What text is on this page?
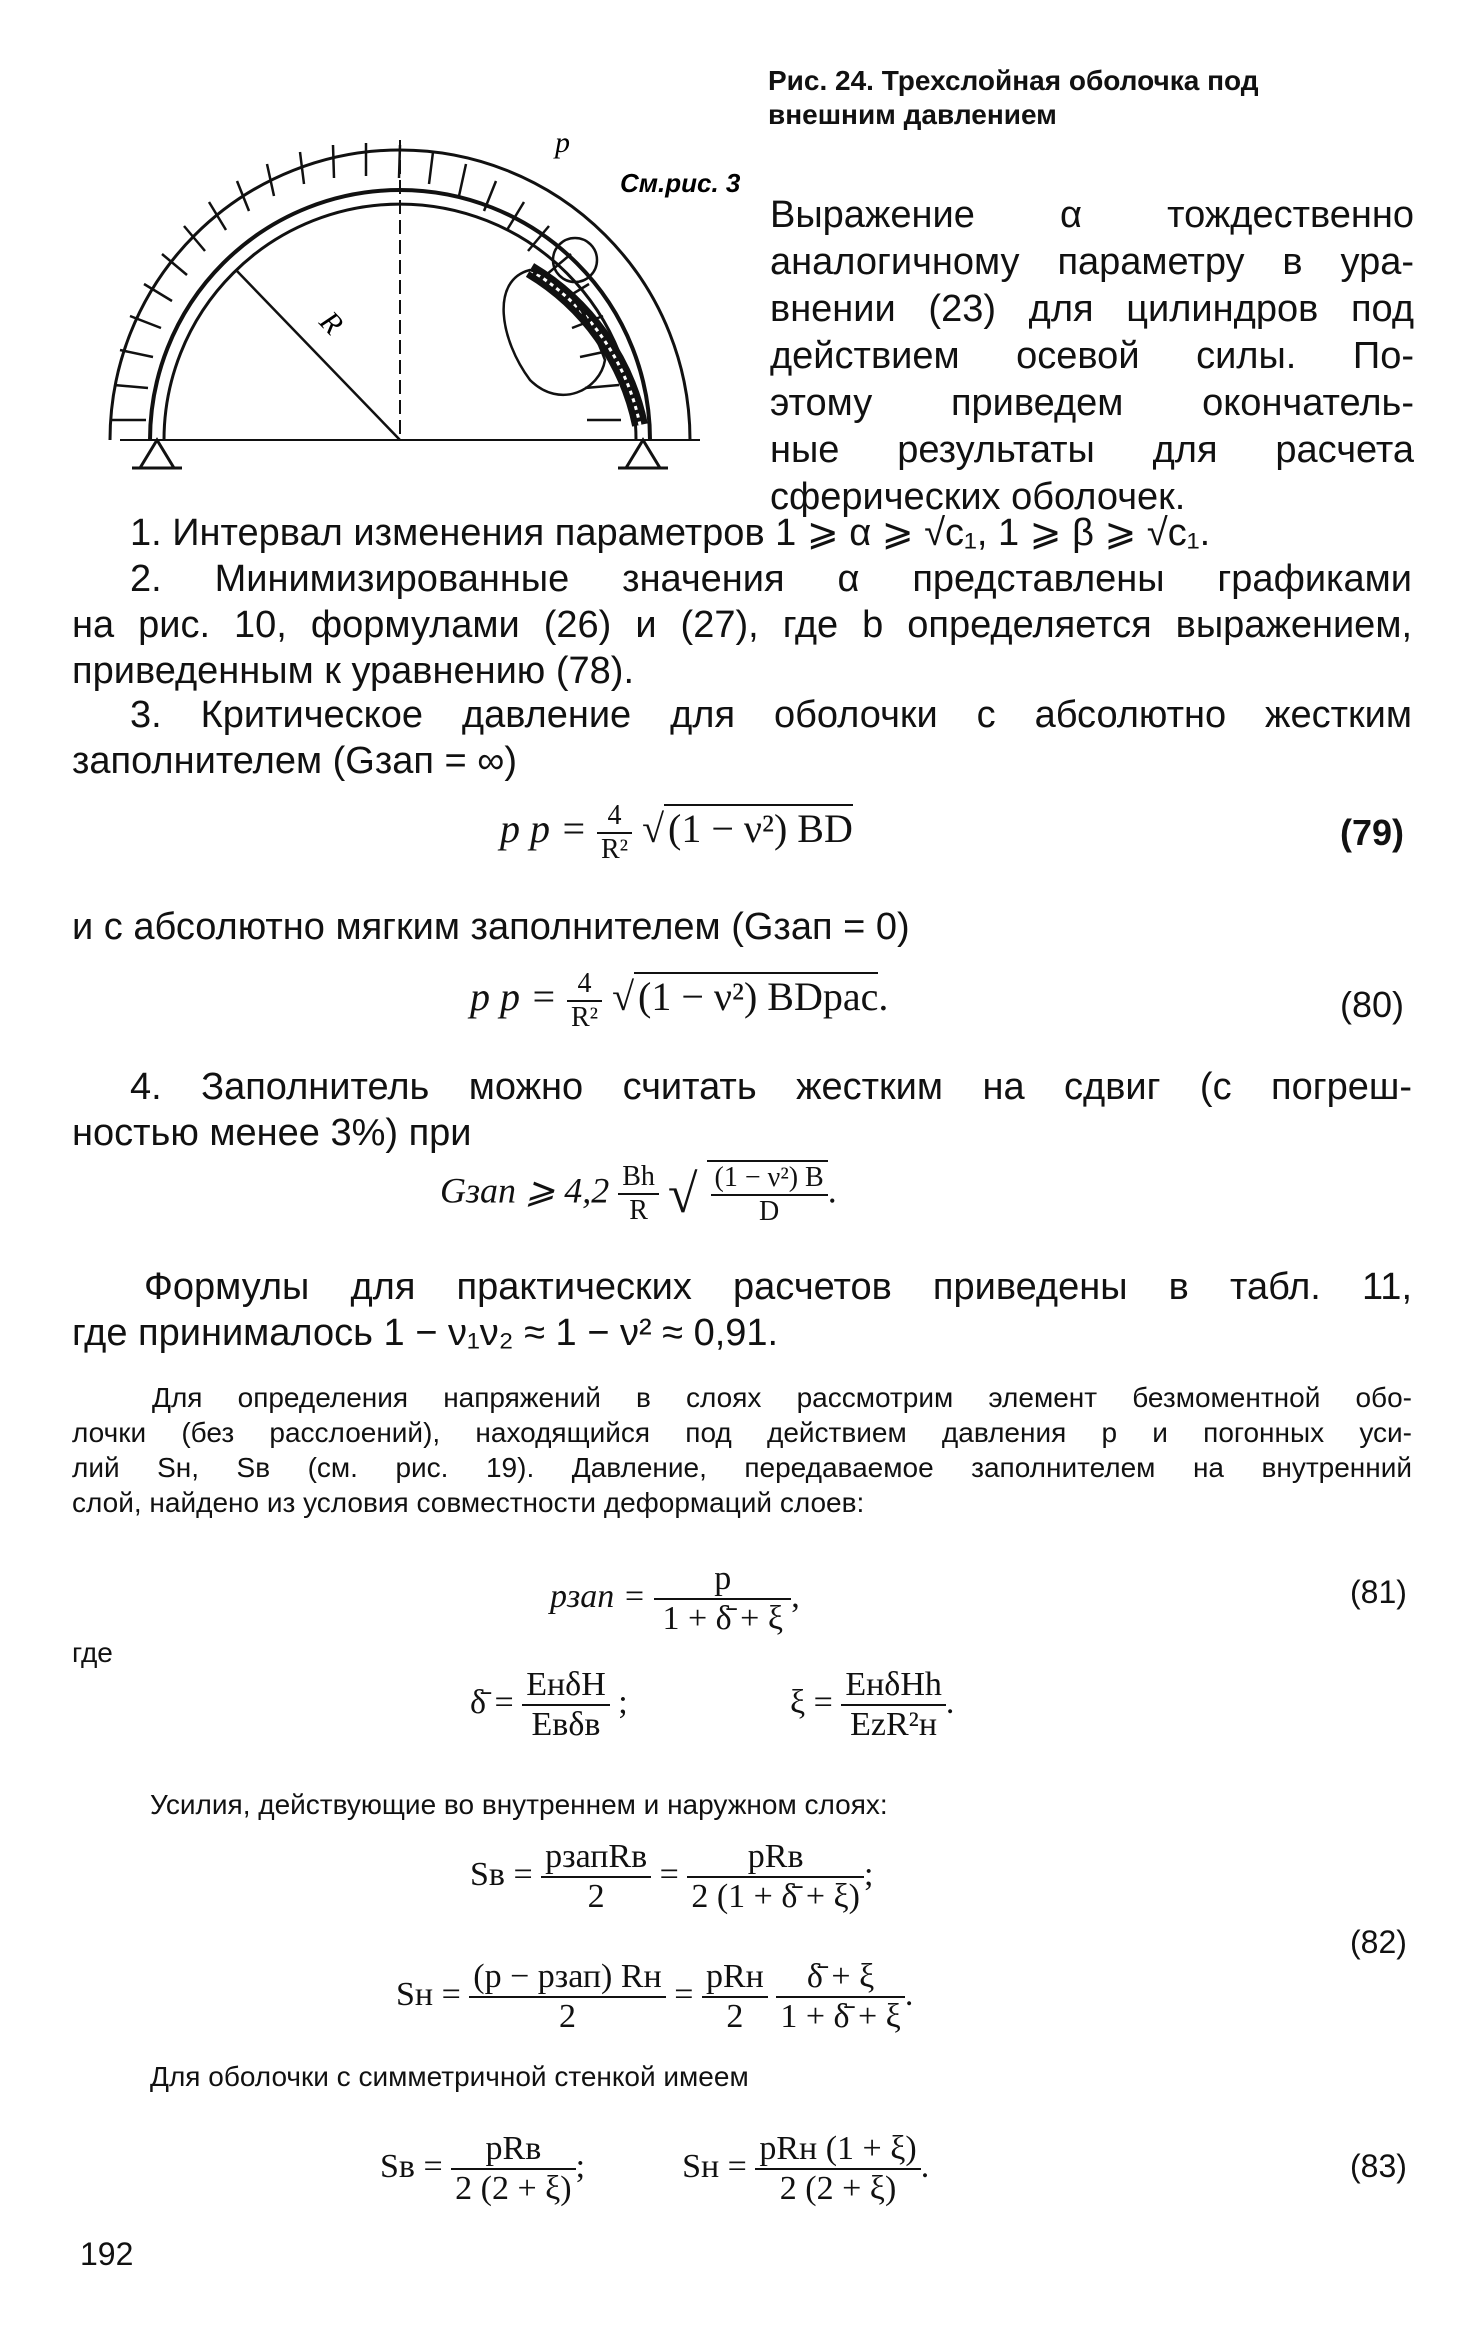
p
R
См.рис. 3
Рис. 24. Трехслойная оболочка под
внешним давлением
Выражение α тождественно
аналогичному параметру в ура-
внении (23) для цилиндров под
действием осевой силы. По-
этому приведем окончатель-
ные результаты для расчета
сферических оболочек.
1. Интервал изменения параметров 1 ⩾ α ⩾ √c₁, 1 ⩾ β ⩾ √c₁.
2. Минимизированные значения α представлены графиками
на рис. 10, формулами (26) и (27), где b определяется выражением,
приведенным к уравнению (78).
3. Критическое давление для оболочки с абсолютно жестким
заполнителем (Gзап = ∞)
p $р = \frac{4}{\text{R²}}$ √ (1 − ν²) BD	(79)
и с абсолютно мягким заполнителем (Gзап = 0)
p $р = \frac{4}{\text{R²}}$ √ (1 − ν²) BDрас.	(80)
4. Заполнитель можно считать жестким на сдвиг (с погреш-
ностью менее 3%) при
Gзап ⩾ $4,2 \frac{Bh}{R}$ √ $\frac{\text{(1 − ν²) B}}{D}$ .
Формулы для практических расчетов приведены в табл. 11,
где принималось 1 − ν₁ν₂ ≈ 1 − ν² ≈ 0,91.
Для определения напряжений в слоях рассмотрим элемент безмоментной обо-
лочки (без расслоений), находящийся под действием давления p и погонных уси-
лий Sн, Sв (см. рис. 19). Давление, передаваемое заполнителем на внутренний
слой, найдено из условия совместности деформаций слоев:
pзап = $\frac{p}{1 + \deltā + \xi}$ ,	(81)
где
δ̄ = $\frac{\text{EнδН}}{\text{Eвδв}}$ ;	$\xi = \frac{\text{EнδНh}}{\text{EzR²н}}$ .
Усилия, действующие во внутреннем и наружном слоях:
Sв = $\frac{\text{pзапRв}}{2} = \frac{\text{pRв}}{2 (1 + \deltā + \xi)}$ ;
Sн = $\frac{\text{(p − pзап) Rн}}{2} = \frac{\text{pRн}}{2}$
$\frac{\deltā + \xi}{1 + \deltā + \xi}$ .
(82)
Для оболочки с симметричной стенкой имеем
Sв = $\frac{\text{pRв}}{2 (2 + \xi)}$ ;	Sн = $\frac{\text{pRн (1 + ξ)}}{2 (2 + \xi)}$ .	(83)
192
